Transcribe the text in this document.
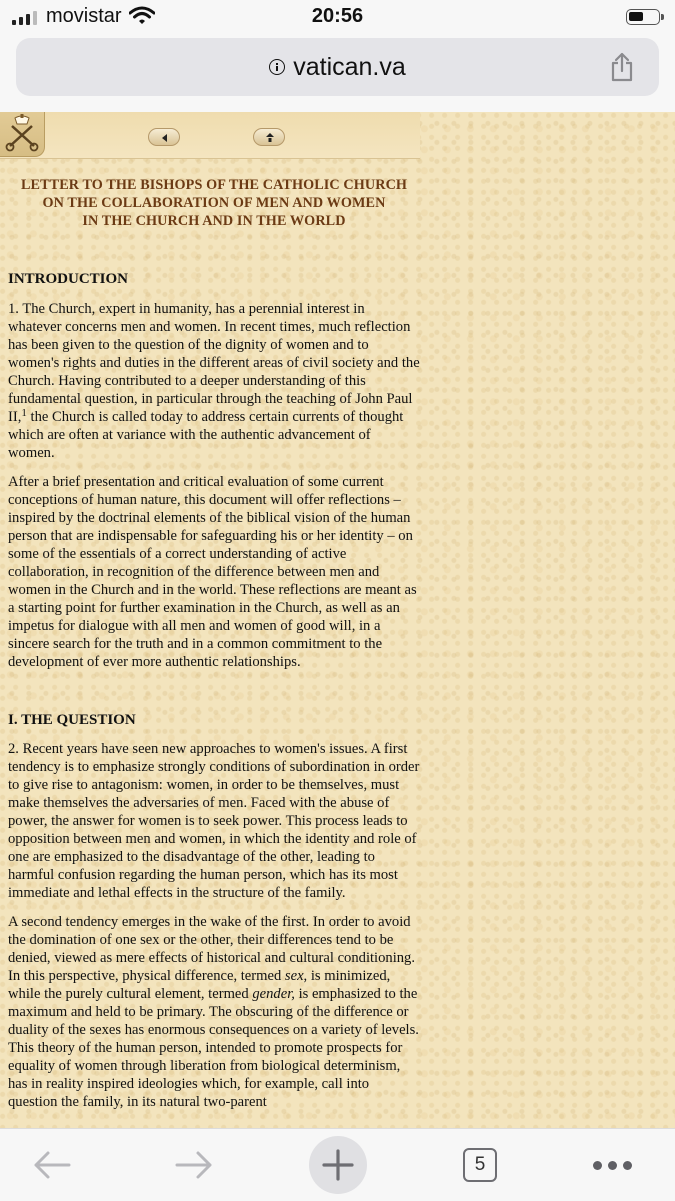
movistar	20:56
vatican.va

LETTER TO THE BISHOPS OF THE CATHOLIC CHURCH
ON THE COLLABORATION OF MEN AND WOMEN
IN THE CHURCH AND IN THE WORLD

INTRODUCTION

1. The Church, expert in humanity, has a perennial interest in whatever concerns men and women. In recent times, much reflection has been given to the question of the dignity of women and to women's rights and duties in the different areas of civil society and the Church. Having contributed to a deeper understanding of this fundamental question, in particular through the teaching of John Paul II,$^1$ the Church is called today to address certain currents of thought which are often at variance with the authentic advancement of women.

After a brief presentation and critical evaluation of some current conceptions of human nature, this document will offer reflections – inspired by the doctrinal elements of the biblical vision of the human person that are indispensable for safeguarding his or her identity – on some of the essentials of a correct understanding of active collaboration, in recognition of the difference between men and women in the Church and in the world. These reflections are meant as a starting point for further examination in the Church, as well as an impetus for dialogue with all men and women of good will, in a sincere search for the truth and in a common commitment to the development of ever more authentic relationships.

I. THE QUESTION

2. Recent years have seen new approaches to women's issues. A first tendency is to emphasize strongly conditions of subordination in order to give rise to antagonism: women, in order to be themselves, must make themselves the adversaries of men. Faced with the abuse of power, the answer for women is to seek power. This process leads to opposition between men and women, in which the identity and role of one are emphasized to the disadvantage of the other, leading to harmful confusion regarding the human person, which has its most immediate and lethal effects in the structure of the family.

A second tendency emerges in the wake of the first. In order to avoid the domination of one sex or the other, their differences tend to be denied, viewed as mere effects of historical and cultural conditioning. In this perspective, physical difference, termed sex, is minimized, while the purely cultural element, termed gender, is emphasized to the maximum and held to be primary. The obscuring of the difference or duality of the sexes has enormous consequences on a variety of levels. This theory of the human person, intended to promote prospects for equality of women through liberation from biological determinism, has in reality inspired ideologies which, for example, call into question the family, in its natural two-parent

5
